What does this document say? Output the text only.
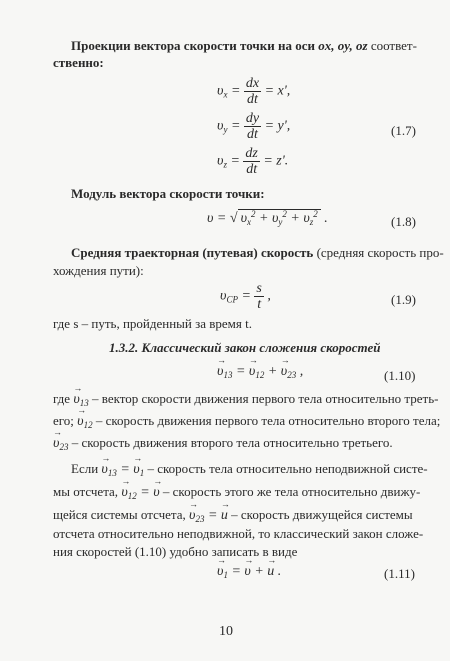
Проекции вектора скорости точки на оси ox, oy, oz соответ-
ственно:
$\upsilon_x = \frac{dx}{dt} = x'$,
$\upsilon_y = \frac{dy}{dt} = y'$,	(1.7)
$\upsilon_z = \frac{dz}{dt} = z'$.
Модуль вектора скорости точки:
υ = √ $\upsilon_x^2 + \upsilon_y^2 + \upsilon_z^2$ .	(1.8)
Средняя траекторная (путевая) скорость (средняя скорость про-
хождения пути):
$\upsilon_{CP} = \frac{s}{t}$ ,	(1.9)
где s – путь, пройденный за время t.
1.3.2. Классический закон сложения скоростей
→ $\upsilon_{13}$ = → $\upsilon_{12}$ + → $\upsilon_{23}$ ,	(1.10)
где → $\upsilon_{13}$ – вектор скорости движения первого тела относительно треть-
его; → $\upsilon_{12}$ – скорость движения первого тела относительно второго тела;
→ $\upsilon_{23}$ – скорость движения второго тела относительно третьего.
Если → $\upsilon_{13}$ = → $\upsilon_1$ – скорость тела относительно неподвижной систе-
мы отсчета, → $\upsilon_{12}$ = → υ – скорость этого же тела относительно движу-
щейся системы отсчета, → $\upsilon_{23}$ = → u – скорость движущейся системы
отсчета относительно неподвижной, то классический закон сложе-
ния скоростей (1.10) удобно записать в виде
→ $\upsilon_1$ = → υ + → u .	(1.11)
10
